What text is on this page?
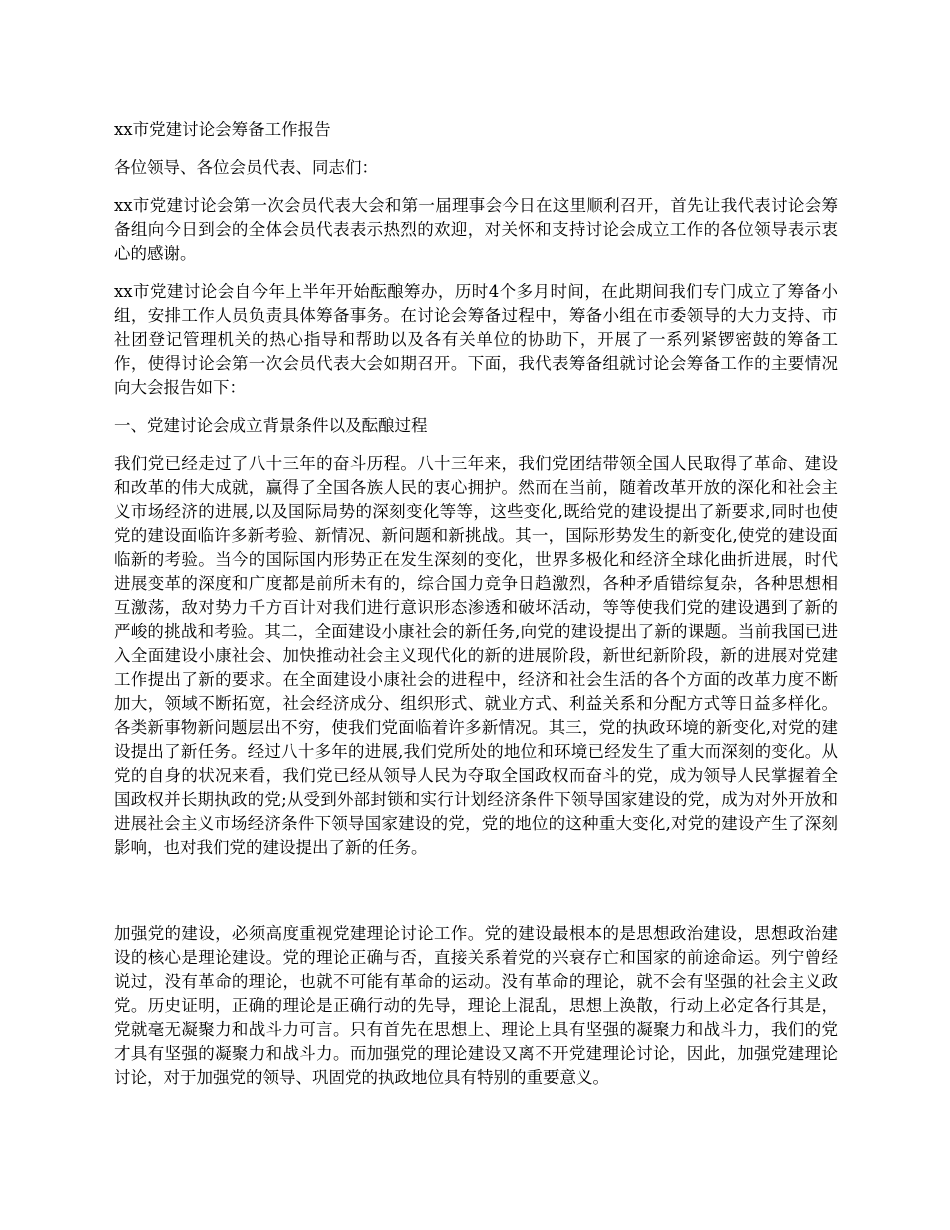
xx市党建讨论会筹备工作报告

各位领导、各位会员代表、同志们：

xx市党建讨论会第一次会员代表大会和第一届理事会今日在这里顺利召开，首先让我代表讨论会筹备组向今日到会的全体会员代表表示热烈的欢迎，对关怀和支持讨论会成立工作的各位领导表示衷心的感谢。

xx市党建讨论会自今年上半年开始酝酿筹办，历时4个多月时间，在此期间我们专门成立了筹备小组，安排工作人员负责具体筹备事务。在讨论会筹备过程中，筹备小组在市委领导的大力支持、市社团登记管理机关的热心指导和帮助以及各有关单位的协助下，开展了一系列紧锣密鼓的筹备工作，使得讨论会第一次会员代表大会如期召开。下面，我代表筹备组就讨论会筹备工作的主要情况向大会报告如下：

一、党建讨论会成立背景条件以及酝酿过程

我们党已经走过了八十三年的奋斗历程。八十三年来，我们党团结带领全国人民取得了革命、建设和改革的伟大成就，赢得了全国各族人民的衷心拥护。然而在当前，随着改革开放的深化和社会主义市场经济的进展,以及国际局势的深刻变化等等，这些变化,既给党的建设提出了新要求,同时也使党的建设面临许多新考验、新情况、新问题和新挑战。其一，国际形势发生的新变化,使党的建设面临新的考验。当今的国际国内形势正在发生深刻的变化，世界多极化和经济全球化曲折进展，时代进展变革的深度和广度都是前所未有的，综合国力竞争日趋激烈，各种矛盾错综复杂，各种思想相互激荡，敌对势力千方百计对我们进行意识形态渗透和破坏活动，等等使我们党的建设遇到了新的严峻的挑战和考验。其二，全面建设小康社会的新任务,向党的建设提出了新的课题。当前我国已进入全面建设小康社会、加快推动社会主义现代化的新的进展阶段，新世纪新阶段，新的进展对党建工作提出了新的要求。在全面建设小康社会的进程中，经济和社会生活的各个方面的改革力度不断加大，领域不断拓宽，社会经济成分、组织形式、就业方式、利益关系和分配方式等日益多样化。各类新事物新问题层出不穷，使我们党面临着许多新情况。其三，党的执政环境的新变化,对党的建设提出了新任务。经过八十多年的进展,我们党所处的地位和环境已经发生了重大而深刻的变化。从党的自身的状况来看，我们党已经从领导人民为夺取全国政权而奋斗的党，成为领导人民掌握着全国政权并长期执政的党;从受到外部封锁和实行计划经济条件下领导国家建设的党，成为对外开放和进展社会主义市场经济条件下领导国家建设的党，党的地位的这种重大变化,对党的建设产生了深刻影响，也对我们党的建设提出了新的任务。

加强党的建设，必须高度重视党建理论讨论工作。党的建设最根本的是思想政治建设，思想政治建设的核心是理论建设。党的理论正确与否，直接关系着党的兴衰存亡和国家的前途命运。列宁曾经说过，没有革命的理论，也就不可能有革命的运动。没有革命的理论，就不会有坚强的社会主义政党。历史证明，正确的理论是正确行动的先导，理论上混乱，思想上涣散，行动上必定各行其是，党就毫无凝聚力和战斗力可言。只有首先在思想上、理论上具有坚强的凝聚力和战斗力，我们的党才具有坚强的凝聚力和战斗力。而加强党的理论建设又离不开党建理论讨论，因此，加强党建理论讨论，对于加强党的领导、巩固党的执政地位具有特别的重要意义。
